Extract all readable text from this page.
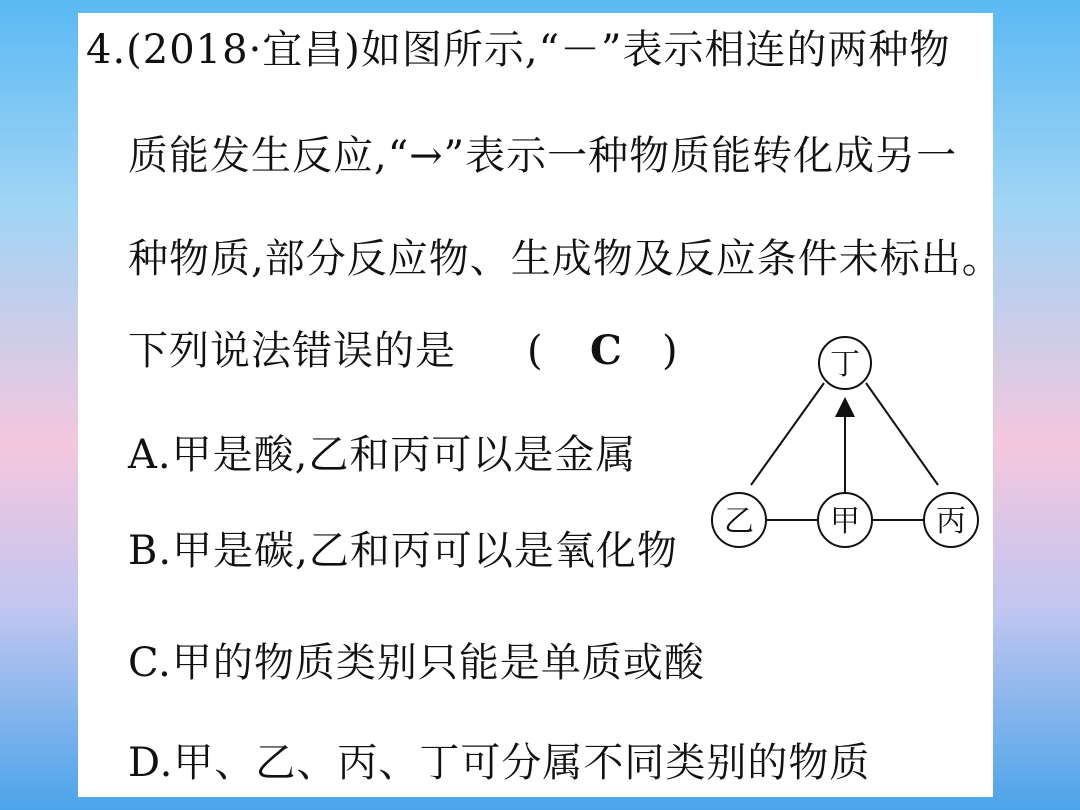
4.(2018·宜昌)如图所示,“－”表示相连的两种物
质能发生反应,“→”表示一种物质能转化成另一
种物质,部分反应物、生成物及反应条件未标出。
下列说法错误的是 ( C )
A.甲是酸,乙和丙可以是金属
B.甲是碳,乙和丙可以是氧化物
C.甲的物质类别只能是单质或酸
D.甲、乙、丙、丁可分属不同类别的物质
丁
乙	甲	丙
